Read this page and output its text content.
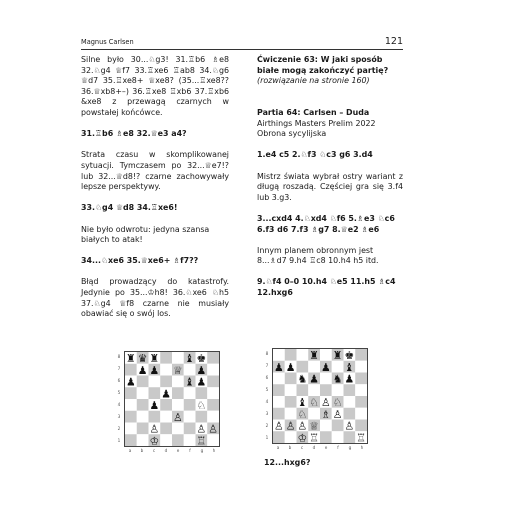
Magnus Carlsen	121

Silne było 30...♘g3! 31.♖b6 ♗e8 32.♘g4 ♕f7 33.♖xe6 ♖ab8 34.♘g6 ♕d7 35.♖xe8+ ♕xe8? (35...♖xe8?? 36.♕xb8+–) 36.♖xe8 ♖xb6 37.♖xb6 &xe8 z przewagą czarnych w powstałej końcówce.

31.♖b6 ♗e8 32.♕e3 a4?

Strata czasu w skomplikowanej sytuacji. Tymczasem po 32...♕e7!? lub 32...♕d8!? czarne zachowywały lepsze perspektywy.

33.♘g4 ♕d8 34.♖xe6!

Nie było odwrotu: jedyna szansa białych to atak!

34...♘xe6 35.♕xe6+ ♗f7??

Błąd prowadzący do katastrofy. Jedynie po 35...♔h8! 36.♘xe6 ♘h5 37.♘g4 ♕f8 czarne nie musiały obawiać się o swój los.

Ćwiczenie 63: W jaki sposób białe mogą zakończyć partię?

(rozwiązanie na stronie 160)

Partia 64: Carlsen – Duda

Airthings Masters Prelim 2022

Obrona sycylijska

1.e4 c5 2.♘f3 ♘c3 g6 3.d4

Mistrz świata wybrał ostry wariant z długą roszadą. Częściej gra się 3.f4 lub 3.g3.

3...cxd4 4.♘xd4 ♘f6 5.♗e3 ♘c6 6.f3 d6 7.f3 ♗g7 8.♕e2 ♗e6

Innym planem obronnym jest 8...♗d7 9.h4 ♖c8 10.h4 h5 itd.

9.♘f4 0–0 10.h4 ♘e5 11.h5 ♗c4 12.hxg6

8
7
6
5
4
3
2
1
a	b	c	d	e	f	g	h
8
7
6
5
4
3
2
1
a	b	c	d	e	f	g	h

12...hxg6?
